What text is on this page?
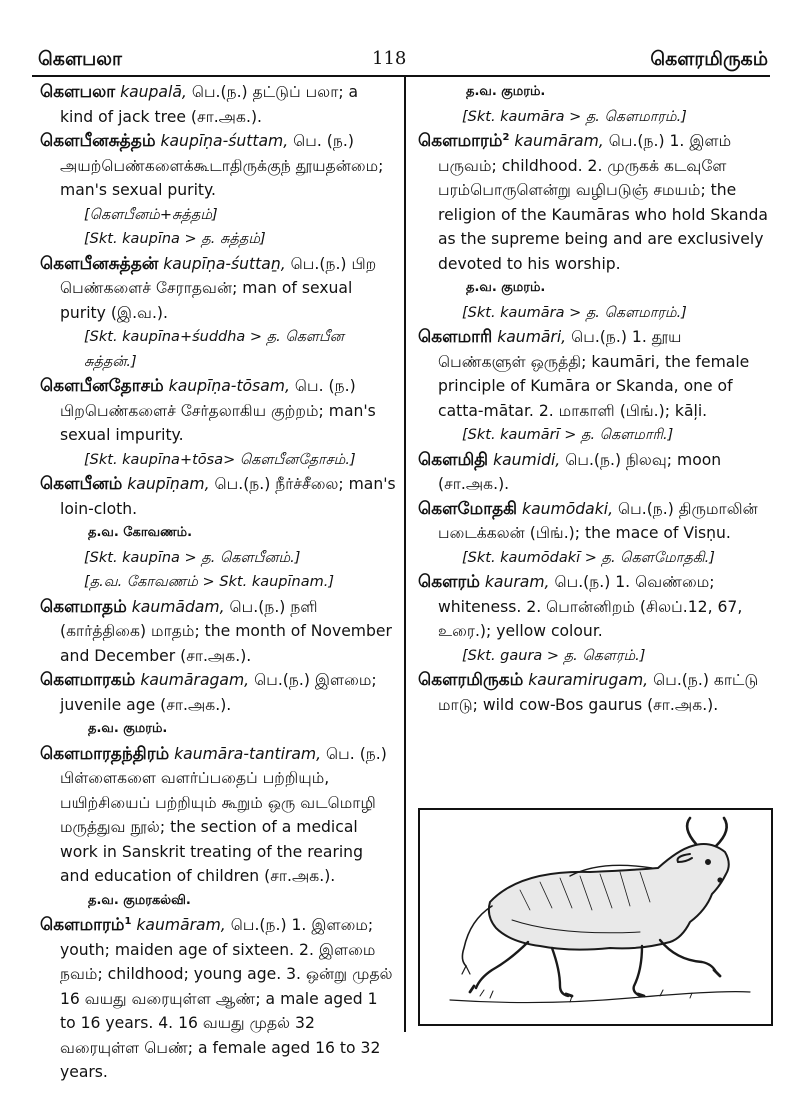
கௌபலா	118	கௌரமிருகம்

கௌபலா kaupalā, பெ.(ந.) தட்டுப் பலா; a kind of jack tree (சா.அக.).

கௌபீனசுத்தம் kaupīṇa-śuttam, பெ. (ந.) அயற்பெண்களைக்கூடாதிருக்குந் தூயதன்மை; man's sexual purity.

[கௌபீனம்+சுத்தம்]

[Skt. kaupīna > த. சுத்தம்]

கௌபீனசுத்தன் kaupīṇa-śuttaṉ, பெ.(ந.) பிற பெண்களைச் சேராதவன்; man of sexual purity (இ.வ.).

[Skt. kaupīna+śuddha > த. கௌபீன சுத்தன்.]

கௌபீனதோசம் kaupīṇa-tōsam, பெ. (ந.) பிறபெண்களைச் சேர்தலாகிய குற்றம்; man's sexual impurity.

[Skt. kaupīna+tōsa> கௌபீனதோசம்.]

கௌபீனம் kaupīṇam, பெ.(ந.) நீர்ச்சீலை; man's loin-cloth.

த.வ. கோவணம்.

[Skt. kaupīna > த. கௌபீனம்.]

[த.வ. கோவணம் > Skt. kaupīnam.]

கௌமாதம் kaumādam, பெ.(ந.) நளி (கார்த்திகை) மாதம்; the month of November and December (சா.அக.).

கௌமாரகம் kaumāragam, பெ.(ந.) இளமை; juvenile age (சா.அக.).

த.வ. குமரம்.

கௌமாரதந்திரம் kaumāra-tantiram, பெ. (ந.) பிள்ளைகளை வளர்ப்பதைப் பற்றியும், பயிற்சியைப் பற்றியும் கூறும் ஒரு வடமொழி மருத்துவ நூல்; the section of a medical work in Sanskrit treating of the rearing and education of children (சா.அக.).

த.வ. குமரகல்வி.

கௌமாரம்$^1$ kaumāram, பெ.(ந.) 1. இளமை; youth; maiden age of sixteen. 2. இளமை நவம்; childhood; young age. 3. ஒன்று முதல் 16 வயது வரையுள்ள ஆண்; a male aged 1 to 16 years. 4. 16 வயது முதல் 32 வரையுள்ள பெண்; a female aged 16 to 32 years.

த.வ. குமரம்.

[Skt. kaumāra > த. கௌமாரம்.]

கௌமாரம்$^2$ kaumāram, பெ.(ந.) 1. இளம் பருவம்; childhood. 2. முருகக் கடவுளே பரம்பொருளென்று வழிபடுஞ் சமயம்; the religion of the Kaumāras who hold Skanda as the supreme being and are exclusively devoted to his worship.

த.வ. குமரம்.

[Skt. kaumāra > த. கௌமாரம்.]

கௌமாரி kaumāri, பெ.(ந.) 1. தூய பெண்களுள் ஒருத்தி; kaumāri, the female principle of Kumāra or Skanda, one of catta-mātar. 2. மாகாளி (பிங்.); kāļi.

[Skt. kaumārī > த. கௌமாரி.]

கௌமிதி kaumidi, பெ.(ந.) நிலவு; moon (சா.அக.).

கௌமோதகி kaumōdaki, பெ.(ந.) திருமாலின் படைக்கலன் (பிங்.); the mace of Visṇu.

[Skt. kaumōdakī > த. கௌமோதகி.]

கௌரம் kauram, பெ.(ந.) 1. வெண்மை; whiteness. 2. பொன்னிறம் (சிலப்.12, 67, உரை.); yellow colour.

[Skt. gaura > த. கௌரம்.]

கௌரமிருகம் kauramirugam, பெ.(ந.) காட்டு மாடு; wild cow-Bos gaurus (சா.அக.).
